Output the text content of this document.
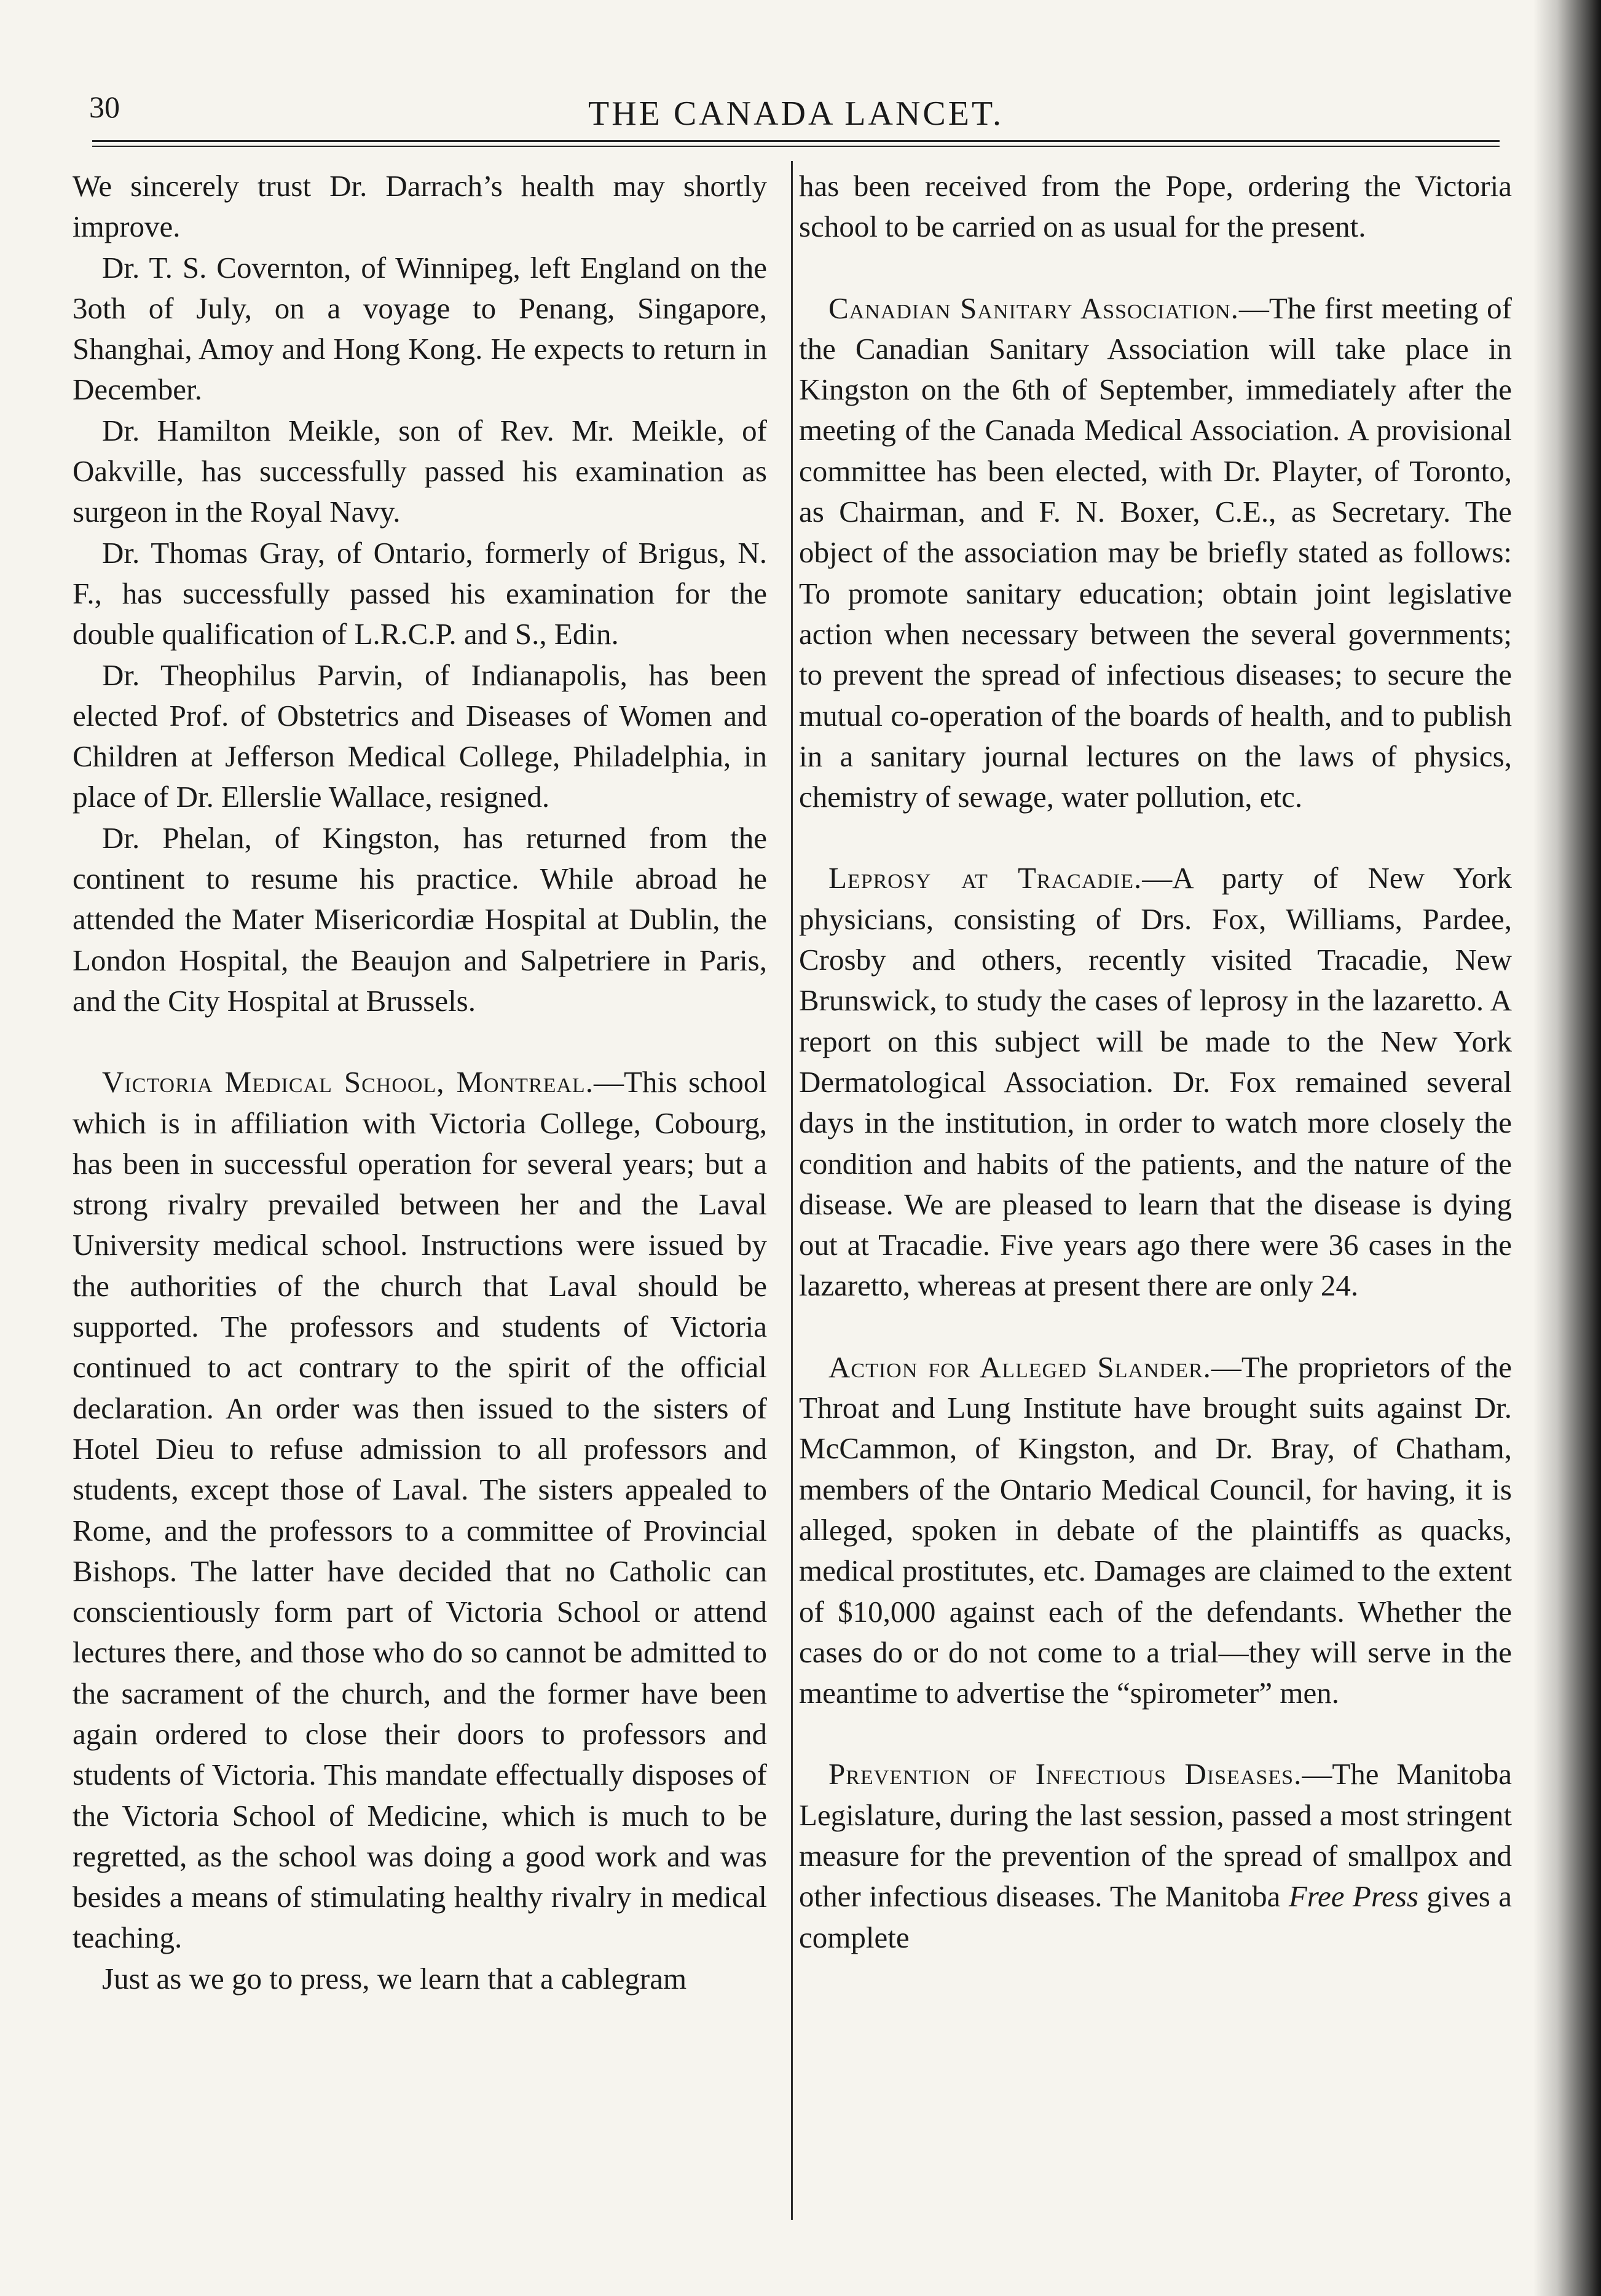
30	THE CANADA LANCET.

We sincerely trust Dr. Darrach’s health may shortly improve.

Dr. T. S. Covernton, of Winnipeg, left England on the 3oth of July, on a voyage to Penang, Singapore, Shanghai, Amoy and Hong Kong. He expects to return in December.

Dr. Hamilton Meikle, son of Rev. Mr. Meikle, of Oakville, has successfully passed his examination as surgeon in the Royal Navy.

Dr. Thomas Gray, of Ontario, formerly of Brigus, N. F., has successfully passed his examination for the double qualification of L.R.C.P. and S., Edin.

Dr. Theophilus Parvin, of Indianapolis, has been elected Prof. of Obstetrics and Diseases of Women and Children at Jefferson Medical College, Philadelphia, in place of Dr. Ellerslie Wallace, resigned.

Dr. Phelan, of Kingston, has returned from the continent to resume his practice. While abroad he attended the Mater Misericordiæ Hospital at Dublin, the London Hospital, the Beaujon and Salpetriere in Paris, and the City Hospital at Brussels.

Victoria Medical School, Montreal.—This school which is in affiliation with Victoria College, Cobourg, has been in successful operation for several years; but a strong rivalry prevailed between her and the Laval University medical school. Instructions were issued by the authorities of the church that Laval should be supported. The professors and students of Victoria continued to act contrary to the spirit of the official declaration. An order was then issued to the sisters of Hotel Dieu to refuse admission to all professors and students, except those of Laval. The sisters appealed to Rome, and the professors to a committee of Provincial Bishops. The latter have decided that no Catholic can conscientiously form part of Victoria School or attend lectures there, and those who do so cannot be admitted to the sacrament of the church, and the former have been again ordered to close their doors to professors and students of Victoria. This mandate effectually disposes of the Victoria School of Medicine, which is much to be regretted, as the school was doing a good work and was besides a means of stimulating healthy rivalry in medical teaching.

Just as we go to press, we learn that a cablegram

has been received from the Pope, ordering the Victoria school to be carried on as usual for the present.

Canadian Sanitary Association.—The first meeting of the Canadian Sanitary Association will take place in Kingston on the 6th of September, immediately after the meeting of the Canada Medical Association. A provisional committee has been elected, with Dr. Playter, of Toronto, as Chairman, and F. N. Boxer, C.E., as Secretary. The object of the association may be briefly stated as follows: To promote sanitary education; obtain joint legislative action when necessary between the several governments; to prevent the spread of infectious diseases; to secure the mutual co-operation of the boards of health, and to publish in a sanitary journal lectures on the laws of physics, chemistry of sewage, water pollution, etc.

Leprosy at Tracadie.—A party of New York physicians, consisting of Drs. Fox, Williams, Pardee, Crosby and others, recently visited Tracadie, New Brunswick, to study the cases of leprosy in the lazaretto. A report on this subject will be made to the New York Dermatological Association. Dr. Fox remained several days in the institution, in order to watch more closely the condition and habits of the patients, and the nature of the disease. We are pleased to learn that the disease is dying out at Tracadie. Five years ago there were 36 cases in the lazaretto, whereas at present there are only 24.

Action for Alleged Slander.—The proprietors of the Throat and Lung Institute have brought suits against Dr. McCammon, of Kingston, and Dr. Bray, of Chatham, members of the Ontario Medical Council, for having, it is alleged, spoken in debate of the plaintiffs as quacks, medical prostitutes, etc. Damages are claimed to the extent of $10,000 against each of the defendants. Whether the cases do or do not come to a trial—they will serve in the meantime to advertise the “spirometer” men.

Prevention of Infectious Diseases.—The Manitoba Legislature, during the last session, passed a most stringent measure for the prevention of the spread of smallpox and other infectious diseases. The Manitoba Free Press gives a complete
